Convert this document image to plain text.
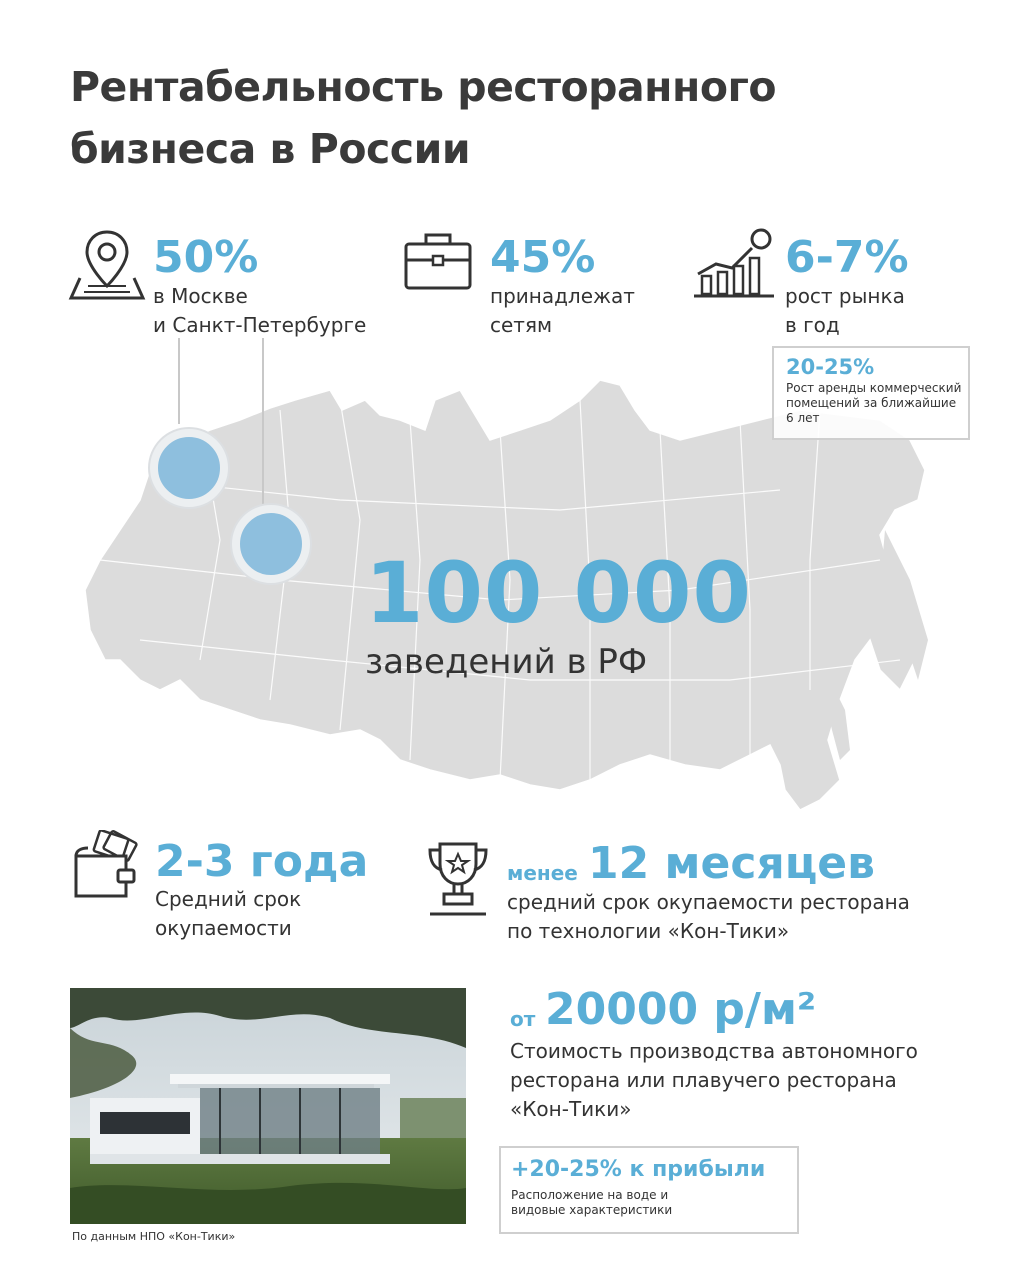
Рентабельность ресторанного
бизнеса в России
50%
в Москве
и Санкт-Петербурге
45%
принадлежат
сетям
6-7%
рост рынка
в год
20-25%
Рост аренды коммерческий
помещений за ближайшие
6 лет
100 000
заведений в РФ
2-3 года
Средний срок
окупаемости
менее 12 месяцев
средний срок окупаемости ресторана
по технологии «Кон-Тики»
от 20000 р/м²
Стоимость производства автономного
ресторана или плавучего ресторана
«Кон-Тики»
+20-25% к прибыли
Расположение на воде и
видовые характеристики
По данным НПО «Кон-Тики»
